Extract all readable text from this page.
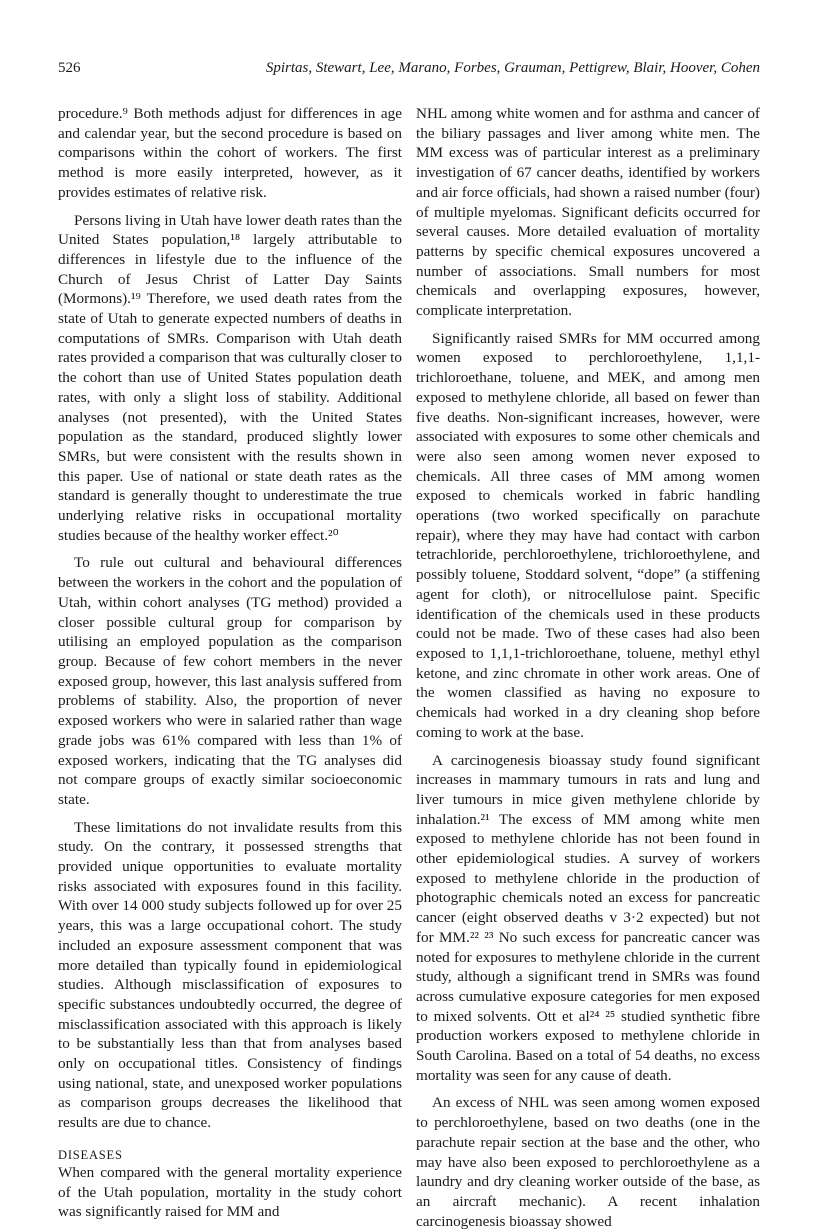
526	Spirtas, Stewart, Lee, Marano, Forbes, Grauman, Pettigrew, Blair, Hoover, Cohen

procedure.⁹ Both methods adjust for differences in age and calendar year, but the second procedure is based on comparisons within the cohort of workers. The first method is more easily interpreted, however, as it provides estimates of relative risk.

Persons living in Utah have lower death rates than the United States population,¹⁸ largely attributable to differences in lifestyle due to the influence of the Church of Jesus Christ of Latter Day Saints (Mormons).¹⁹ Therefore, we used death rates from the state of Utah to generate expected numbers of deaths in computations of SMRs. Comparison with Utah death rates provided a comparison that was culturally closer to the cohort than use of United States population death rates, with only a slight loss of stability. Additional analyses (not presented), with the United States population as the standard, produced slightly lower SMRs, but were consistent with the results shown in this paper. Use of national or state death rates as the standard is generally thought to underestimate the true underlying relative risks in occupational mortality studies because of the healthy worker effect.²⁰

To rule out cultural and behavioural differences between the workers in the cohort and the population of Utah, within cohort analyses (TG method) provided a closer possible cultural group for comparison by utilising an employed population as the comparison group. Because of few cohort members in the never exposed group, however, this last analysis suffered from problems of stability. Also, the proportion of never exposed workers who were in salaried rather than wage grade jobs was 61% compared with less than 1% of exposed workers, indicating that the TG analyses did not compare groups of exactly similar socioeconomic state.

These limitations do not invalidate results from this study. On the contrary, it possessed strengths that provided unique opportunities to evaluate mortality risks associated with exposures found in this facility. With over 14 000 study subjects followed up for over 25 years, this was a large occupational cohort. The study included an exposure assessment component that was more detailed than typically found in epidemiological studies. Although misclassification of exposures to specific substances undoubtedly occurred, the degree of misclassification associated with this approach is likely to be substantially less than that from analyses based only on occupational titles. Consistency of findings using national, state, and unexposed worker populations as comparison groups decreases the likelihood that results are due to chance.

DISEASES

When compared with the general mortality experience of the Utah population, mortality in the study cohort was significantly raised for MM and

NHL among white women and for asthma and cancer of the biliary passages and liver among white men. The MM excess was of particular interest as a preliminary investigation of 67 cancer deaths, identified by workers and air force officials, had shown a raised number (four) of multiple myelomas. Significant deficits occurred for several causes. More detailed evaluation of mortality patterns by specific chemical exposures uncovered a number of associations. Small numbers for most chemicals and overlapping exposures, however, complicate interpretation.

Significantly raised SMRs for MM occurred among women exposed to perchloroethylene, 1,1,1-trichloroethane, toluene, and MEK, and among men exposed to methylene chloride, all based on fewer than five deaths. Non-significant increases, however, were associated with exposures to some other chemicals and were also seen among women never exposed to chemicals. All three cases of MM among women exposed to chemicals worked in fabric handling operations (two worked specifically on parachute repair), where they may have had contact with carbon tetrachloride, perchloroethylene, trichloroethylene, and possibly toluene, Stoddard solvent, “dope” (a stiffening agent for cloth), or nitrocellulose paint. Specific identification of the chemicals used in these products could not be made. Two of these cases had also been exposed to 1,1,1-trichloroethane, toluene, methyl ethyl ketone, and zinc chromate in other work areas. One of the women classified as having no exposure to chemicals had worked in a dry cleaning shop before coming to work at the base.

A carcinogenesis bioassay study found significant increases in mammary tumours in rats and lung and liver tumours in mice given methylene chloride by inhalation.²¹ The excess of MM among white men exposed to methylene chloride has not been found in other epidemiological studies. A survey of workers exposed to methylene chloride in the production of photographic chemicals noted an excess for pancreatic cancer (eight observed deaths v 3·2 expected) but not for MM.²² ²³ No such excess for pancreatic cancer was noted for exposures to methylene chloride in the current study, although a significant trend in SMRs was found across cumulative exposure categories for men exposed to mixed solvents. Ott et al²⁴ ²⁵ studied synthetic fibre production workers exposed to methylene chloride in South Carolina. Based on a total of 54 deaths, no excess mortality was seen for any cause of death.

An excess of NHL was seen among women exposed to perchloroethylene, based on two deaths (one in the parachute repair section at the base and the other, who may have also been exposed to perchloroethylene as a laundry and dry cleaning worker outside of the base, as an aircraft mechanic). A recent inhalation carcinogenesis bioassay showed
